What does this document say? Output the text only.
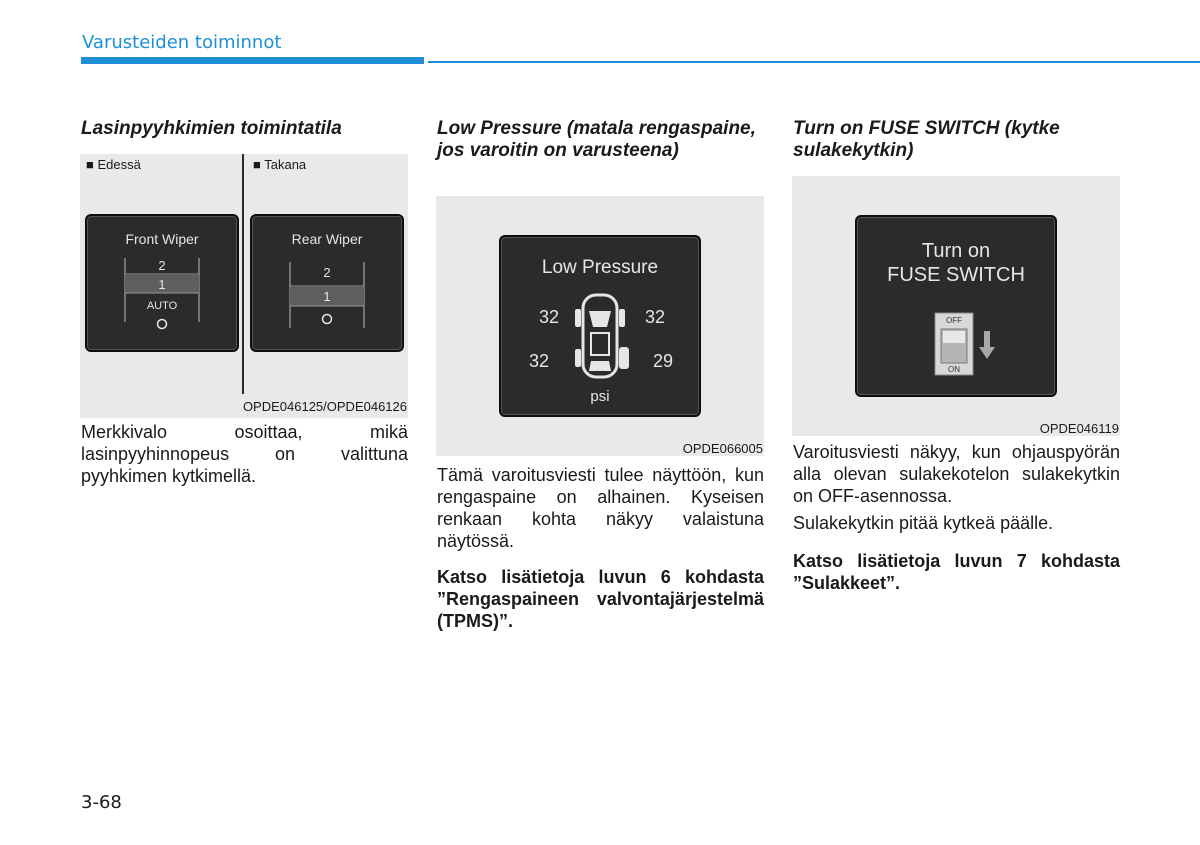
Varusteiden toiminnot
Lasinpyyhkimien toimintatila
■ Edessä	■ Takana
Front Wiper
2
1
AUTO
Rear Wiper
2
1
OPDE046125/OPDE046126
Merkkivalo osoittaa, mikä lasinpyyhinnopeus on valittuna pyyhkimen kytkimellä.
Low Pressure (matala rengaspaine, jos varoitin on varusteena)
Low Pressure
32	32
32	29
psi
OPDE066005
Tämä varoitusviesti tulee näyttöön, kun rengaspaine on alhainen. Kyseisen renkaan kohta näkyy valaistuna näytössä.
Katso lisätietoja luvun 6 kohdasta ”Rengaspaineen valvontajärjestelmä (TPMS)”.
Turn on FUSE SWITCH (kytke sulakekytkin)
Turn on
FUSE SWITCH
OFF
ON
OPDE046119
Varoitusviesti näkyy, kun ohjauspyörän alla olevan sulakekotelon sulakekytkin on OFF-asennossa.
Sulakekytkin pitää kytkeä päälle.
Katso lisätietoja luvun 7 kohdasta ”Sulakkeet”.
3-68
